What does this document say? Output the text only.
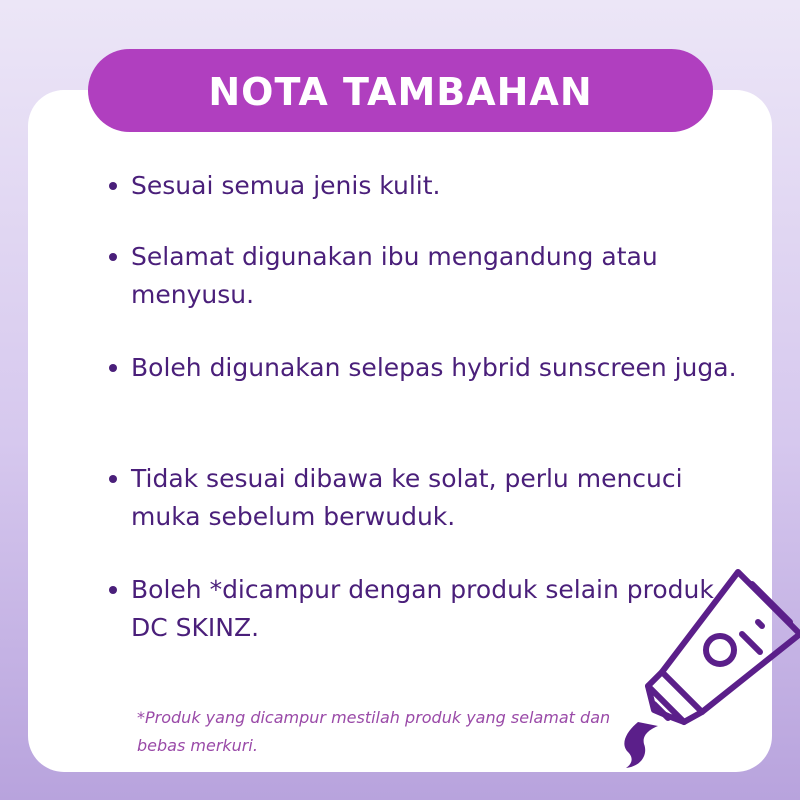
NOTA TAMBAHAN
Sesuai semua jenis kulit.
Selamat digunakan ibu mengandung atau menyusu.
Boleh digunakan selepas hybrid sunscreen juga.
Tidak sesuai dibawa ke solat, perlu mencuci muka sebelum berwuduk.
Boleh *dicampur dengan produk selain produk DC SKINZ.
*Produk yang dicampur mestilah produk yang selamat dan bebas merkuri.
